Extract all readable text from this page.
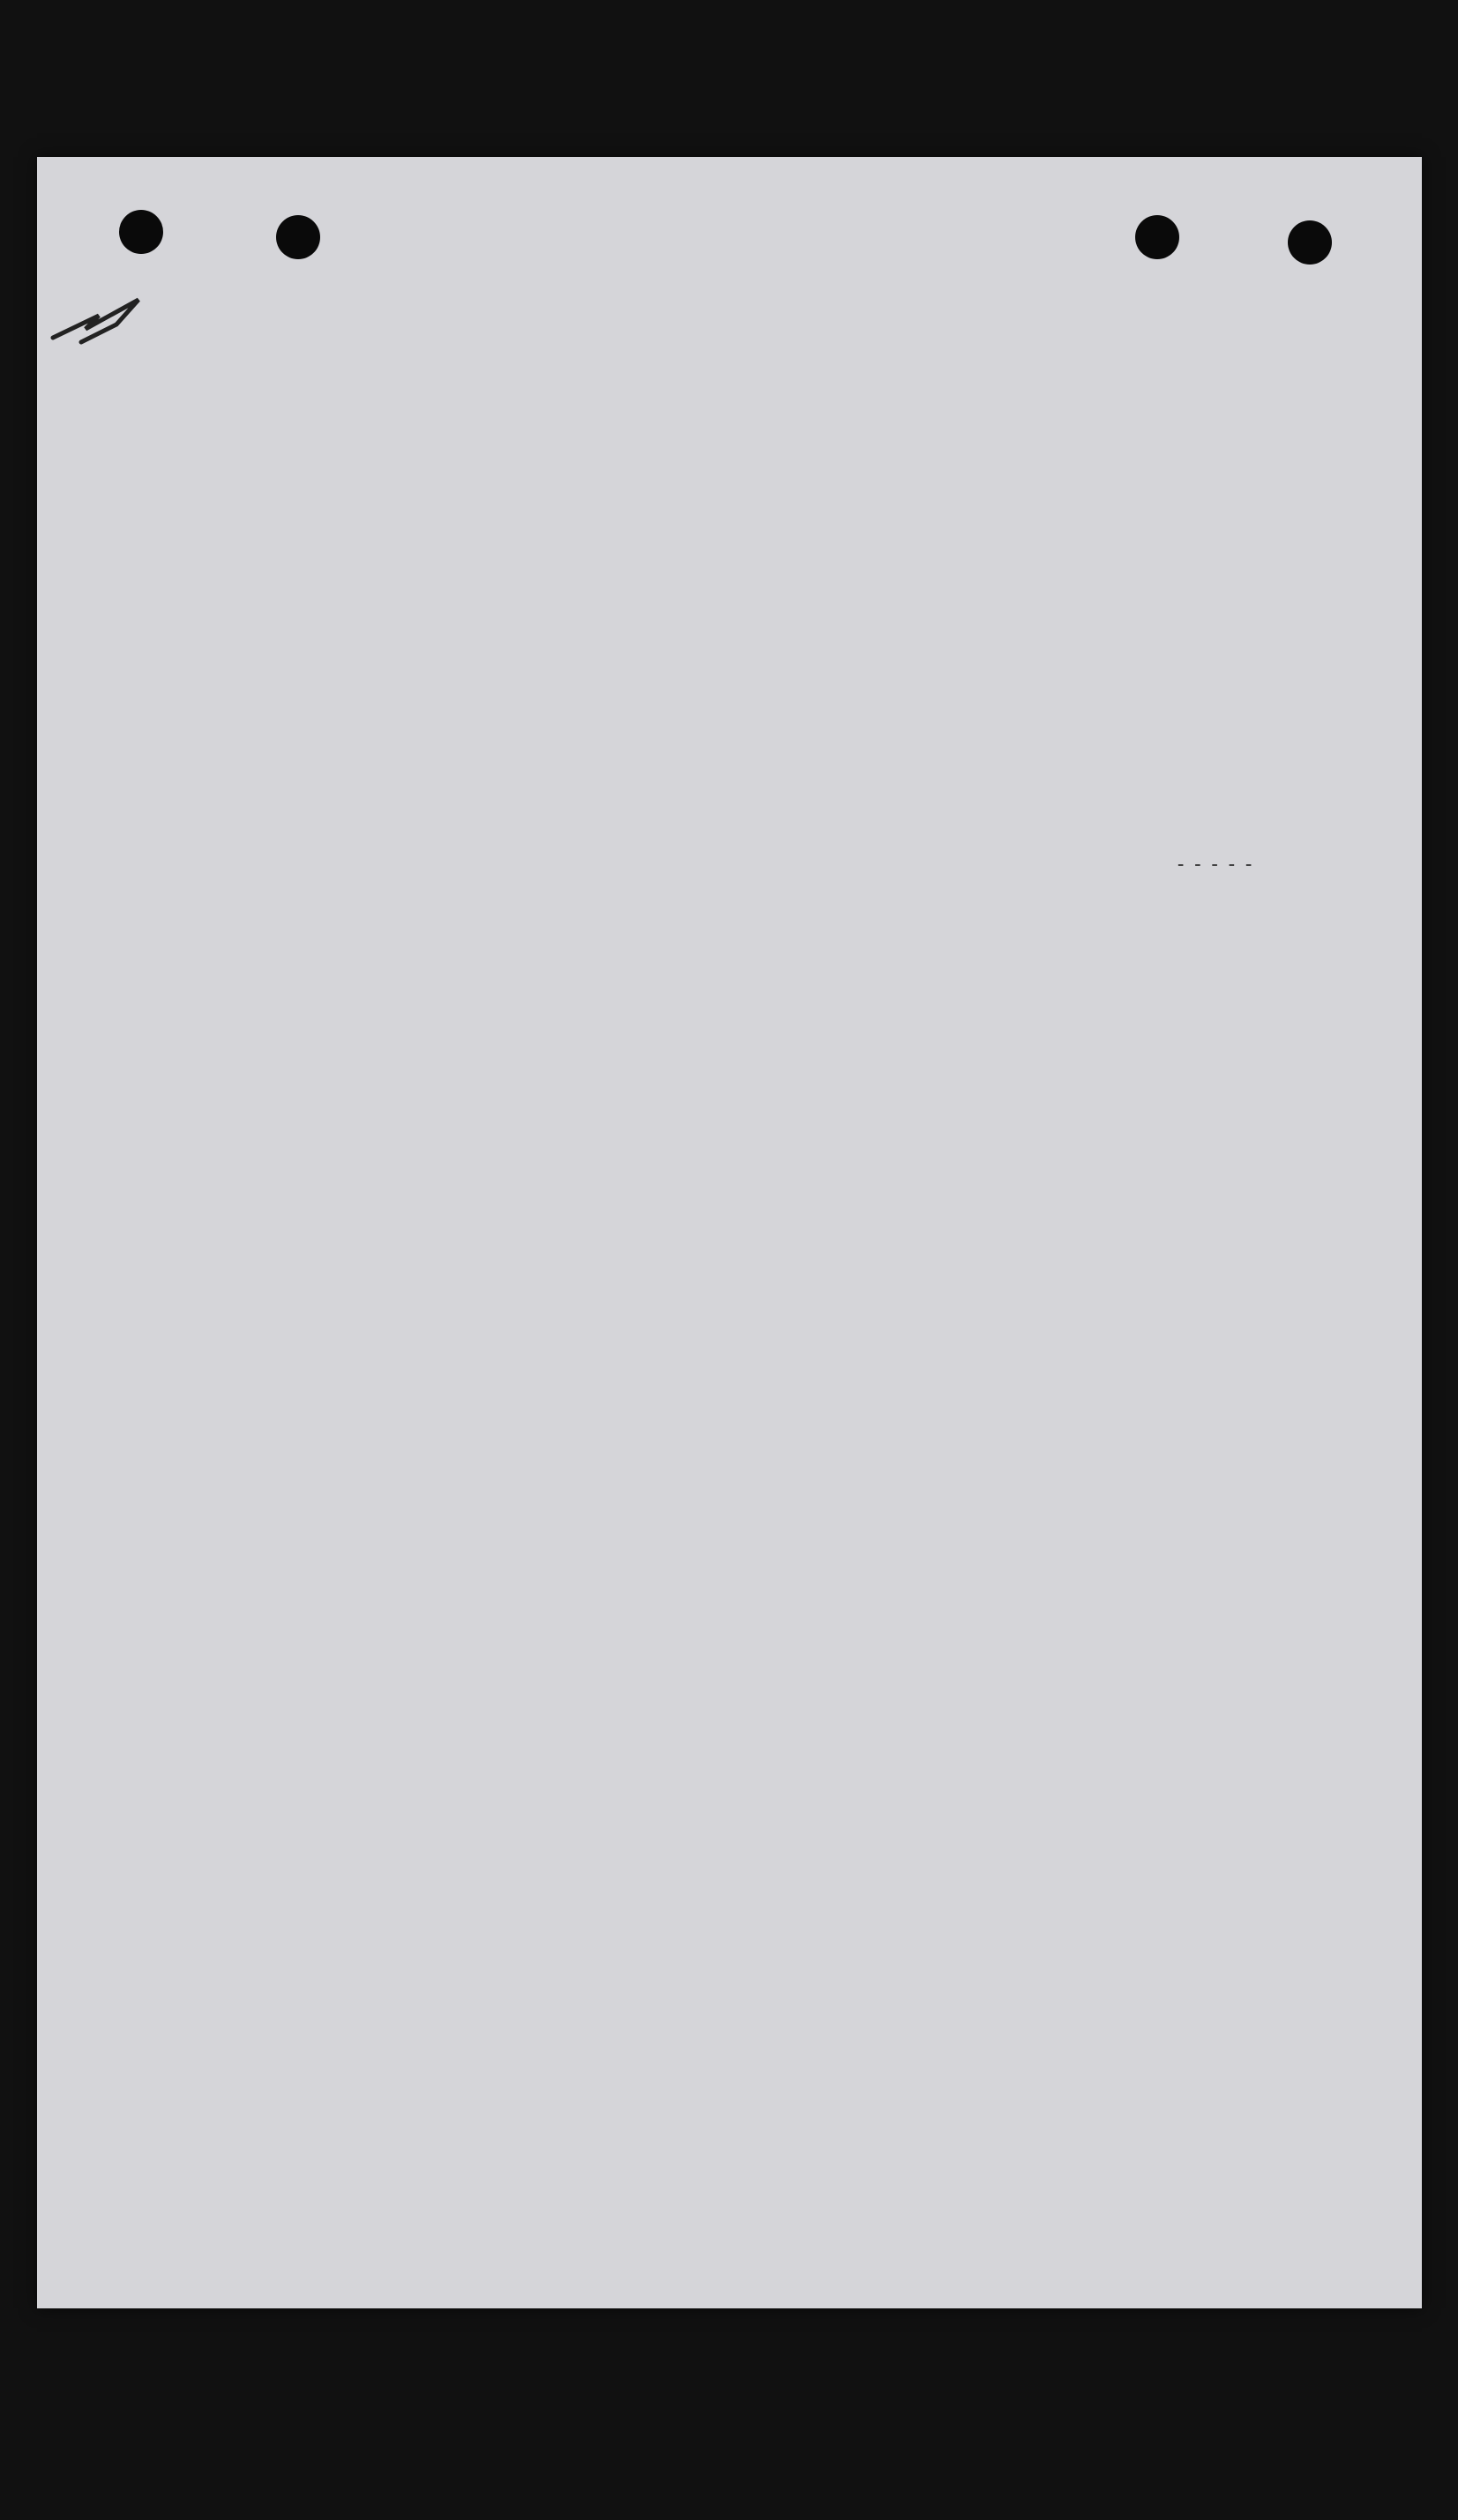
-----
